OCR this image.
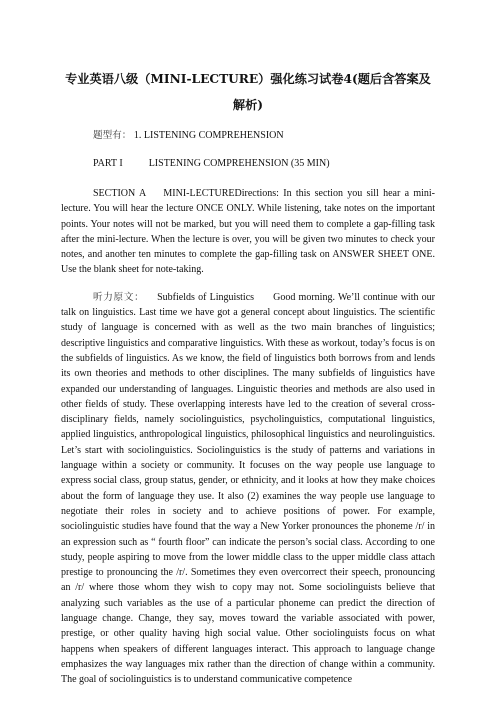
专业英语八级（MINI-LECTURE）强化练习试卷4(题后含答案及解析)

题型有： 1. LISTENING COMPREHENSION

PART I	LISTENING COMPREHENSION (35 MIN)

SECTION A MINI-LECTUREDirections: In this section you sill hear a mini-lecture. You will hear the lecture ONCE ONLY. While listening, take notes on the important points. Your notes will not be marked, but you will need them to complete a gap-filling task after the mini-lecture. When the lecture is over, you will be given two minutes to check your notes, and another ten minutes to complete the gap-filling task on ANSWER SHEET ONE. Use the blank sheet for note-taking.

听力原文： Subfields of Linguistics Good morning. We’ll continue with our talk on linguistics. Last time we have got a general concept about linguistics. The scientific study of language is concerned with as well as the two main branches of linguistics; descriptive linguistics and comparative linguistics. With these as workout, today’s focus is on the subfields of linguistics. As we know, the field of linguistics both borrows from and lends its own theories and methods to other disciplines. The many subfields of linguistics have expanded our understanding of languages. Linguistic theories and methods are also used in other fields of study. These overlapping interests have led to the creation of several cross-disciplinary fields, namely sociolinguistics, psycholinguistics, computational linguistics, applied linguistics, anthropological linguistics, philosophical linguistics and neurolinguistics. Let’s start with sociolinguistics. Sociolinguistics is the study of patterns and variations in language within a society or community. It focuses on the way people use language to express social class, group status, gender, or ethnicity, and it looks at how they make choices about the form of language they use. It also (2) examines the way people use language to negotiate their roles in society and to achieve positions of power. For example, sociolinguistic studies have found that the way a New Yorker pronounces the phoneme /r/ in an expression such as “ fourth floor” can indicate the person’s social class. According to one study, people aspiring to move from the lower middle class to the upper middle class attach prestige to pronouncing the /r/. Sometimes they even overcorrect their speech, pronouncing an /r/ where those whom they wish to copy may not. Some sociolinguists believe that analyzing such variables as the use of a particular phoneme can predict the direction of language change. Change, they say, moves toward the variable associated with power, prestige, or other quality having high social value. Other sociolinguists focus on what happens when speakers of different languages interact. This approach to language change emphasizes the way languages mix rather than the direction of change within a community. The goal of sociolinguistics is to understand communicative competence
